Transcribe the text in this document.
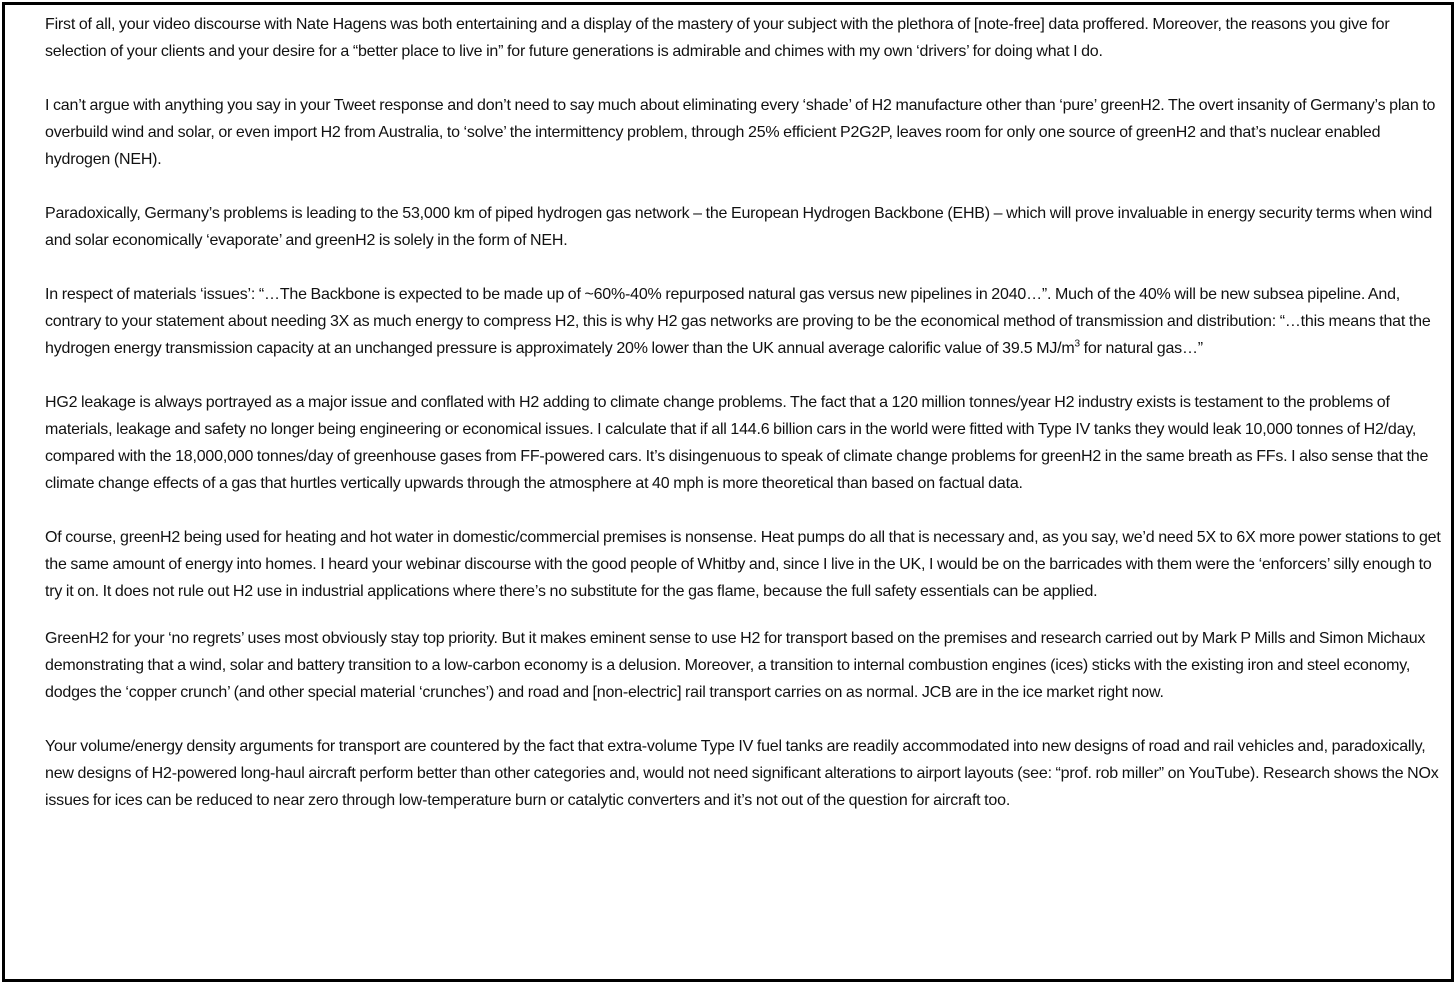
First of all, your video discourse with Nate Hagens was both entertaining and a display of the mastery of your subject with the plethora of [note-free] data proffered. Moreover, the reasons you give for selection of your clients and your desire for a “better place to live in” for future generations is admirable and chimes with my own ‘drivers’ for doing what I do.

I can’t argue with anything you say in your Tweet response and don’t need to say much about eliminating every ‘shade’ of H2 manufacture other than ‘pure’ greenH2. The overt insanity of Germany’s plan to overbuild wind and solar, or even import H2 from Australia, to ‘solve’ the intermittency problem, through 25% efficient P2G2P, leaves room for only one source of greenH2 and that’s nuclear enabled hydrogen (NEH).

Paradoxically, Germany’s problems is leading to the 53,000 km of piped hydrogen gas network – the European Hydrogen Backbone (EHB) – which will prove invaluable in energy security terms when wind and solar economically ‘evaporate’ and greenH2 is solely in the form of NEH.

In respect of materials ‘issues’: “…The Backbone is expected to be made up of ~60%-40% repurposed natural gas versus new pipelines in 2040…”. Much of the 40% will be new subsea pipeline. And, contrary to your statement about needing 3X as much energy to compress H2, this is why H2 gas networks are proving to be the economical method of transmission and distribution: “…this means that the hydrogen energy transmission capacity at an unchanged pressure is approximately 20% lower than the UK annual average calorific value of 39.5 $MJ/m^3$ for natural gas…”

HG2 leakage is always portrayed as a major issue and conflated with H2 adding to climate change problems. The fact that a 120 million tonnes/year H2 industry exists is testament to the problems of materials, leakage and safety no longer being engineering or economical issues. I calculate that if all 144.6 billion cars in the world were fitted with Type IV tanks they would leak 10,000 tonnes of H2/day, compared with the 18,000,000 tonnes/day of greenhouse gases from FF-powered cars. It’s disingenuous to speak of climate change problems for greenH2 in the same breath as FFs. I also sense that the climate change effects of a gas that hurtles vertically upwards through the atmosphere at 40 mph is more theoretical than based on factual data.

Of course, greenH2 being used for heating and hot water in domestic/commercial premises is nonsense. Heat pumps do all that is necessary and, as you say, we’d need 5X to 6X more power stations to get the same amount of energy into homes. I heard your webinar discourse with the good people of Whitby and, since I live in the UK, I would be on the barricades with them were the ‘enforcers’ silly enough to try it on. It does not rule out H2 use in industrial applications where there’s no substitute for the gas flame, because the full safety essentials can be applied.

GreenH2 for your ‘no regrets’ uses most obviously stay top priority. But it makes eminent sense to use H2 for transport based on the premises and research carried out by Mark P Mills and Simon Michaux demonstrating that a wind, solar and battery transition to a low-carbon economy is a delusion. Moreover, a transition to internal combustion engines (ices) sticks with the existing iron and steel economy, dodges the ‘copper crunch’ (and other special material ‘crunches’) and road and [non-electric] rail transport carries on as normal. JCB are in the ice market right now.

Your volume/energy density arguments for transport are countered by the fact that extra-volume Type IV fuel tanks are readily accommodated into new designs of road and rail vehicles and, paradoxically, new designs of H2-powered long-haul aircraft perform better than other categories and, would not need significant alterations to airport layouts (see: “prof. rob miller” on YouTube). Research shows the NOx issues for ices can be reduced to near zero through low-temperature burn or catalytic converters and it’s not out of the question for aircraft too.
